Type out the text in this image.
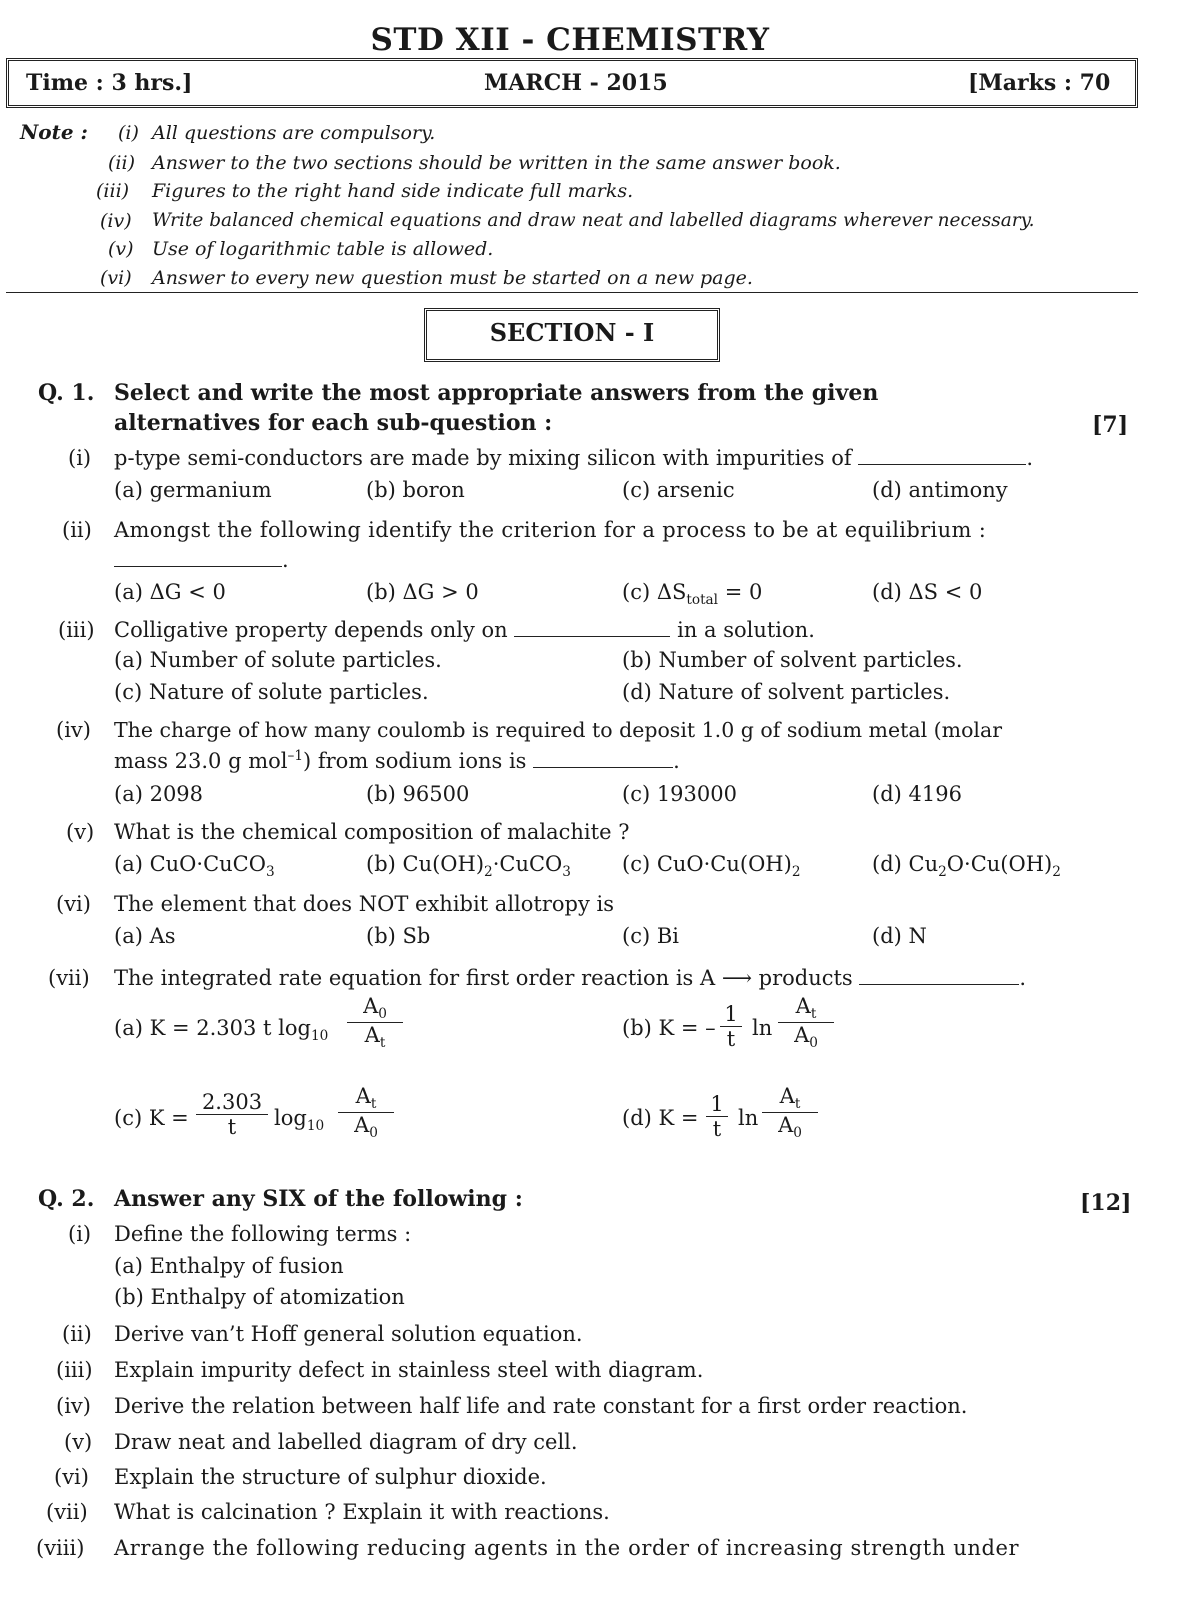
STD XII - CHEMISTRY
Time : 3 hrs.]	MARCH - 2015	[Marks : 70
Note : (i) All questions are compulsory.
(ii) Answer to the two sections should be written in the same answer book.
(iii) Figures to the right hand side indicate full marks.
(iv) Write balanced chemical equations and draw neat and labelled diagrams wherever necessary.
(v) Use of logarithmic table is allowed.
(vi) Answer to every new question must be started on a new page.
SECTION - I
Q. 1. Select and write the most appropriate answers from the given
alternatives for each sub-question :	[7]
(i) p-type semi-conductors are made by mixing silicon with impurities of	.
(a) germanium	(b) boron	(c) arsenic	(d) antimony
(ii) Amongst the following identify the criterion for a process to be at equilibrium :
.
(a) ΔG < 0	(b) ΔG > 0	(c) $\Delta S_{total} = 0$	(d) ΔS < 0
(iii) Colligative property depends only on	in a solution.
(a) Number of solute particles.	(b) Number of solvent particles.
(c) Nature of solute particles.	(d) Nature of solvent particles.
(iv) The charge of how many coulomb is required to deposit 1.0 g of sodium metal (molar
mass 23.0 g mol$^{-1}$) from sodium ions is	.
(a) 2098	(b) 96500	(c) 193000	(d) 4196
(v) What is the chemical composition of malachite ?
(a) CuO·CuCO$_3$	(b) $Cu(OH)_2\cdot CuCO_3$ (c) $CuO\cdot Cu(OH)_2$	(d) $Cu_2O\cdot Cu(OH)_2$
(vi) The element that does NOT exhibit allotropy is
(a) As	(b) Sb	(c) Bi	(d) N
(vii) The integrated rate equation for first order reaction is A ⟶ products	.
(a) K = 2.303 t $\log_{10} \frac{A_0}{A_t}$	(b) K = – $\frac{1}{t}$ $\ln \frac{A_t}{A_0}$
(c) $K = \frac{2.303}{t} \log_{10} \frac{A_t}{A_0}$	(d) $K = \frac{1}{t}$ $\ln \frac{A_t}{A_0}$
Q. 2. Answer any SIX of the following :	[12]
(i) Define the following terms :
(a) Enthalpy of fusion
(b) Enthalpy of atomization
(ii) Derive van’t Hoff general solution equation.
(iii) Explain impurity defect in stainless steel with diagram.
(iv) Derive the relation between half life and rate constant for a first order reaction.
(v) Draw neat and labelled diagram of dry cell.
(vi) Explain the structure of sulphur dioxide.
(vii) What is calcination ? Explain it with reactions.
(viii) Arrange the following reducing agents in the order of increasing strength under
